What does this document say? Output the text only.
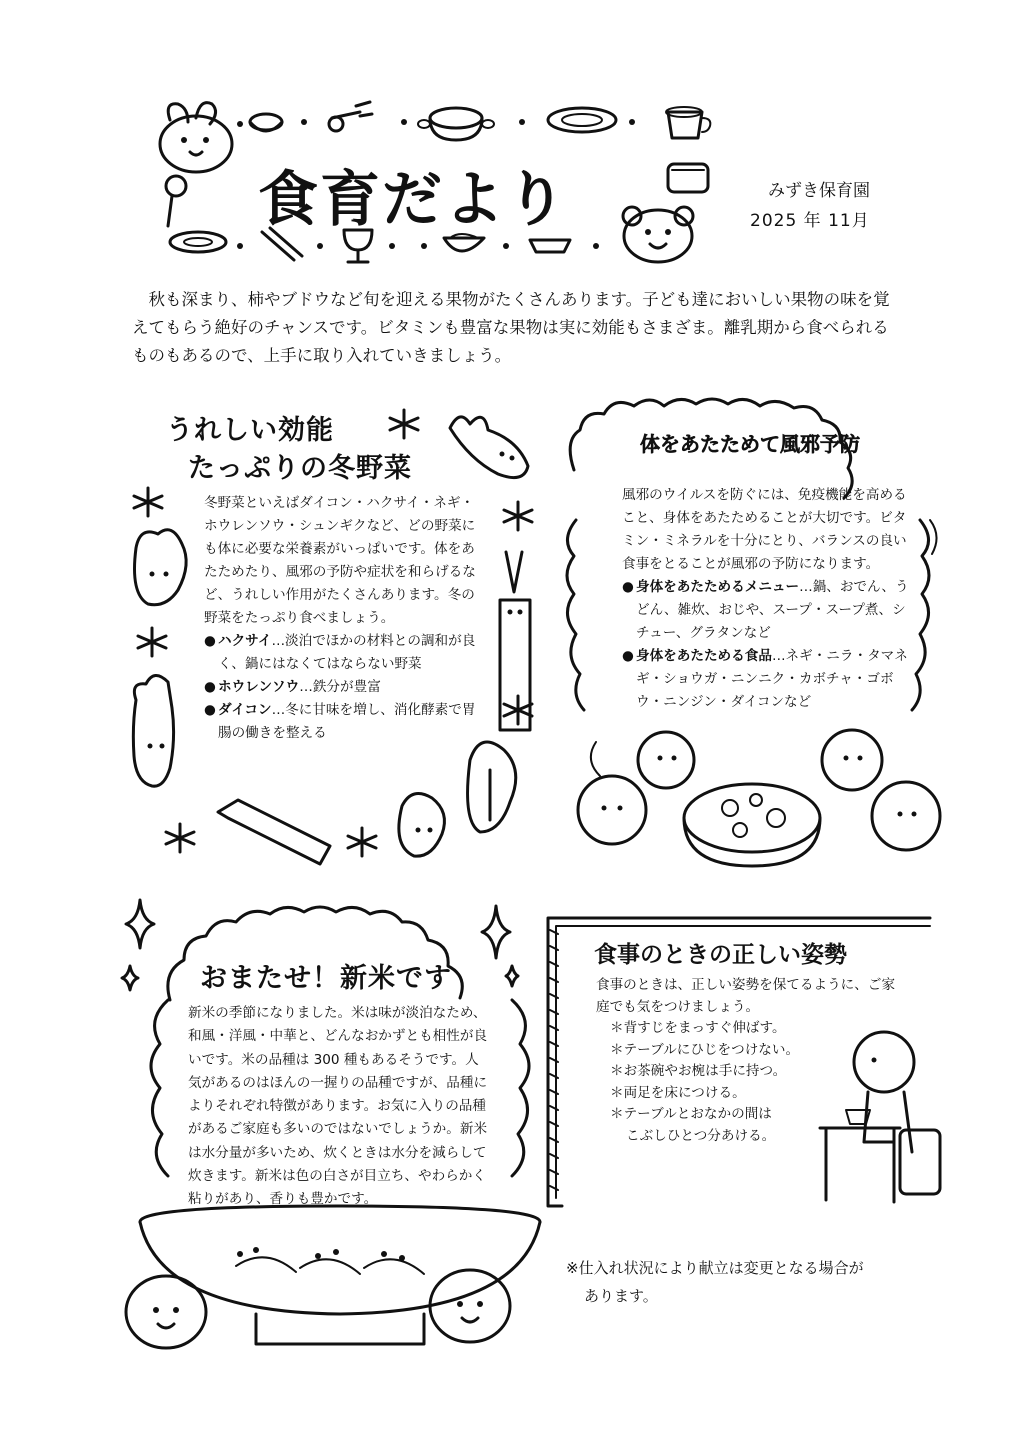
食育だより	みずき保育園
2025 年 11月
秋も深まり、柿やブドウなど旬を迎える果物がたくさんあります。子ども達においしい果物の味を覚えてもらう絶好のチャンスです。ビタミンも豊富な果物は実に効能もさまざま。離乳期から食べられるものもあるので、上手に取り入れていきましょう。
うれしい効能
たっぷりの冬野菜
冬野菜といえばダイコン・ハクサイ・ネギ・ホウレンソウ・シュンギクなど、どの野菜にも体に必要な栄養素がいっぱいです。体をあたためたり、風邪の予防や症状を和らげるなど、うれしい作用がたくさんあります。冬の野菜をたっぷり食べましょう。
● ハクサイ…淡泊でほかの材料との調和が良く、鍋にはなくてはならない野菜
● ホウレンソウ…鉄分が豊富
● ダイコン…冬に甘味を増し、消化酵素で胃腸の働きを整える
体をあたためて風邪予防
風邪のウイルスを防ぐには、免疫機能を高めること、身体をあたためることが大切です。ビタミン・ミネラルを十分にとり、バランスの良い食事をとることが風邪の予防になります。
● 身体をあたためるメニュー…鍋、おでん、うどん、雑炊、おじや、スープ・スープ煮、シチュー、グラタンなど
● 身体をあたためる食品…ネギ・ニラ・タマネギ・ショウガ・ニンニク・カボチャ・ゴボウ・ニンジン・ダイコンなど
おまたせ！新米です
新米の季節になりました。米は味が淡泊なため、和風・洋風・中華と、どんなおかずとも相性が良いです。米の品種は 300 種もあるそうです。人気があるのはほんの一握りの品種ですが、品種によりそれぞれ特徴があります。お気に入りの品種があるご家庭も多いのではないでしょうか。新米は水分量が多いため、炊くときは水分を減らして炊きます。新米は色の白さが目立ち、やわらかく粘りがあり、香りも豊かです。
食事のときの正しい姿勢
食事のときは、正しい姿勢を保てるように、ご家庭でも気をつけましょう。
＊背すじをまっすぐ伸ばす。
＊テーブルにひじをつけない。
＊お茶碗やお椀は手に持つ。
＊両足を床につける。
＊テーブルとおなかの間は
こぶしひとつ分あける。
※仕入れ状況により献立は変更となる場合が
あります。
